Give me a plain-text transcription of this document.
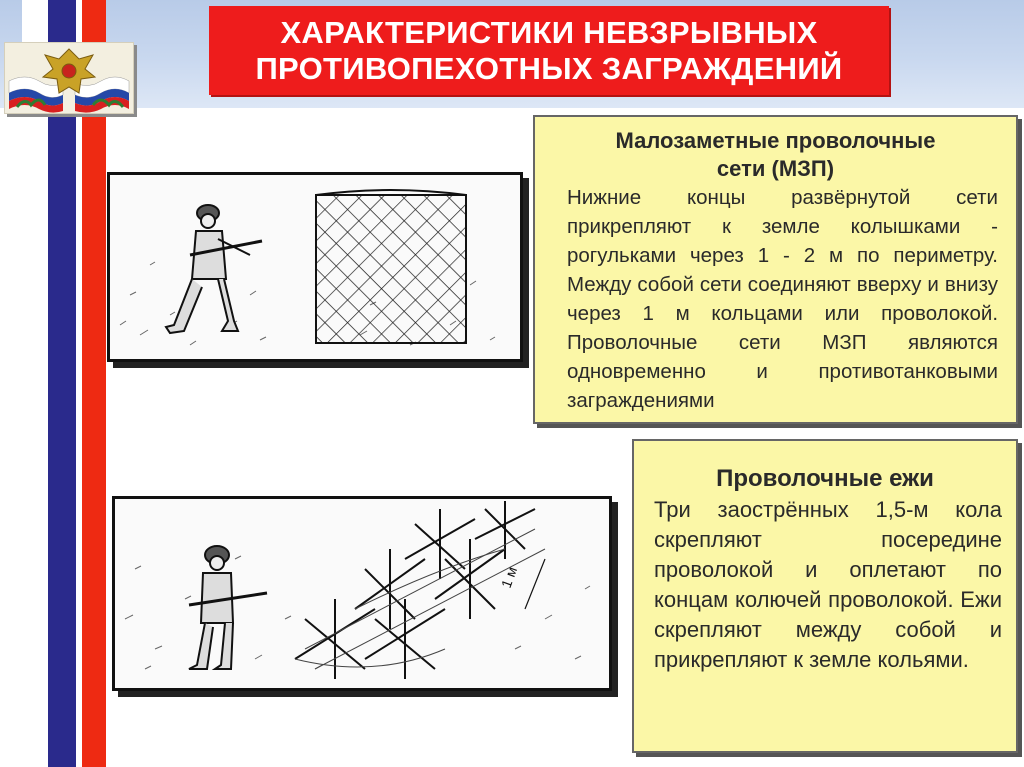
ХАРАКТЕРИСТИКИ НЕВЗРЫВНЫХ
ПРОТИВОПЕХОТНЫХ ЗАГРАЖДЕНИЙ
Малозаметные проволочные
сети (МЗП)

Нижние концы развёрнутой сети прикрепляют к земле колышками - рогульками через 1 - 2 м по периметру. Между собой сети соединяют вверху и внизу через 1 м кольцами или проволокой. Проволочные сети МЗП являются одновременно и противотанковыми заграждениями

Проволочные ежи

Три заострённых 1,5-м кола скрепляют	посередине проволокой и оплетают по концам колючей проволокой. Ежи скрепляют между собой и прикрепляют к земле кольями.

1 м
